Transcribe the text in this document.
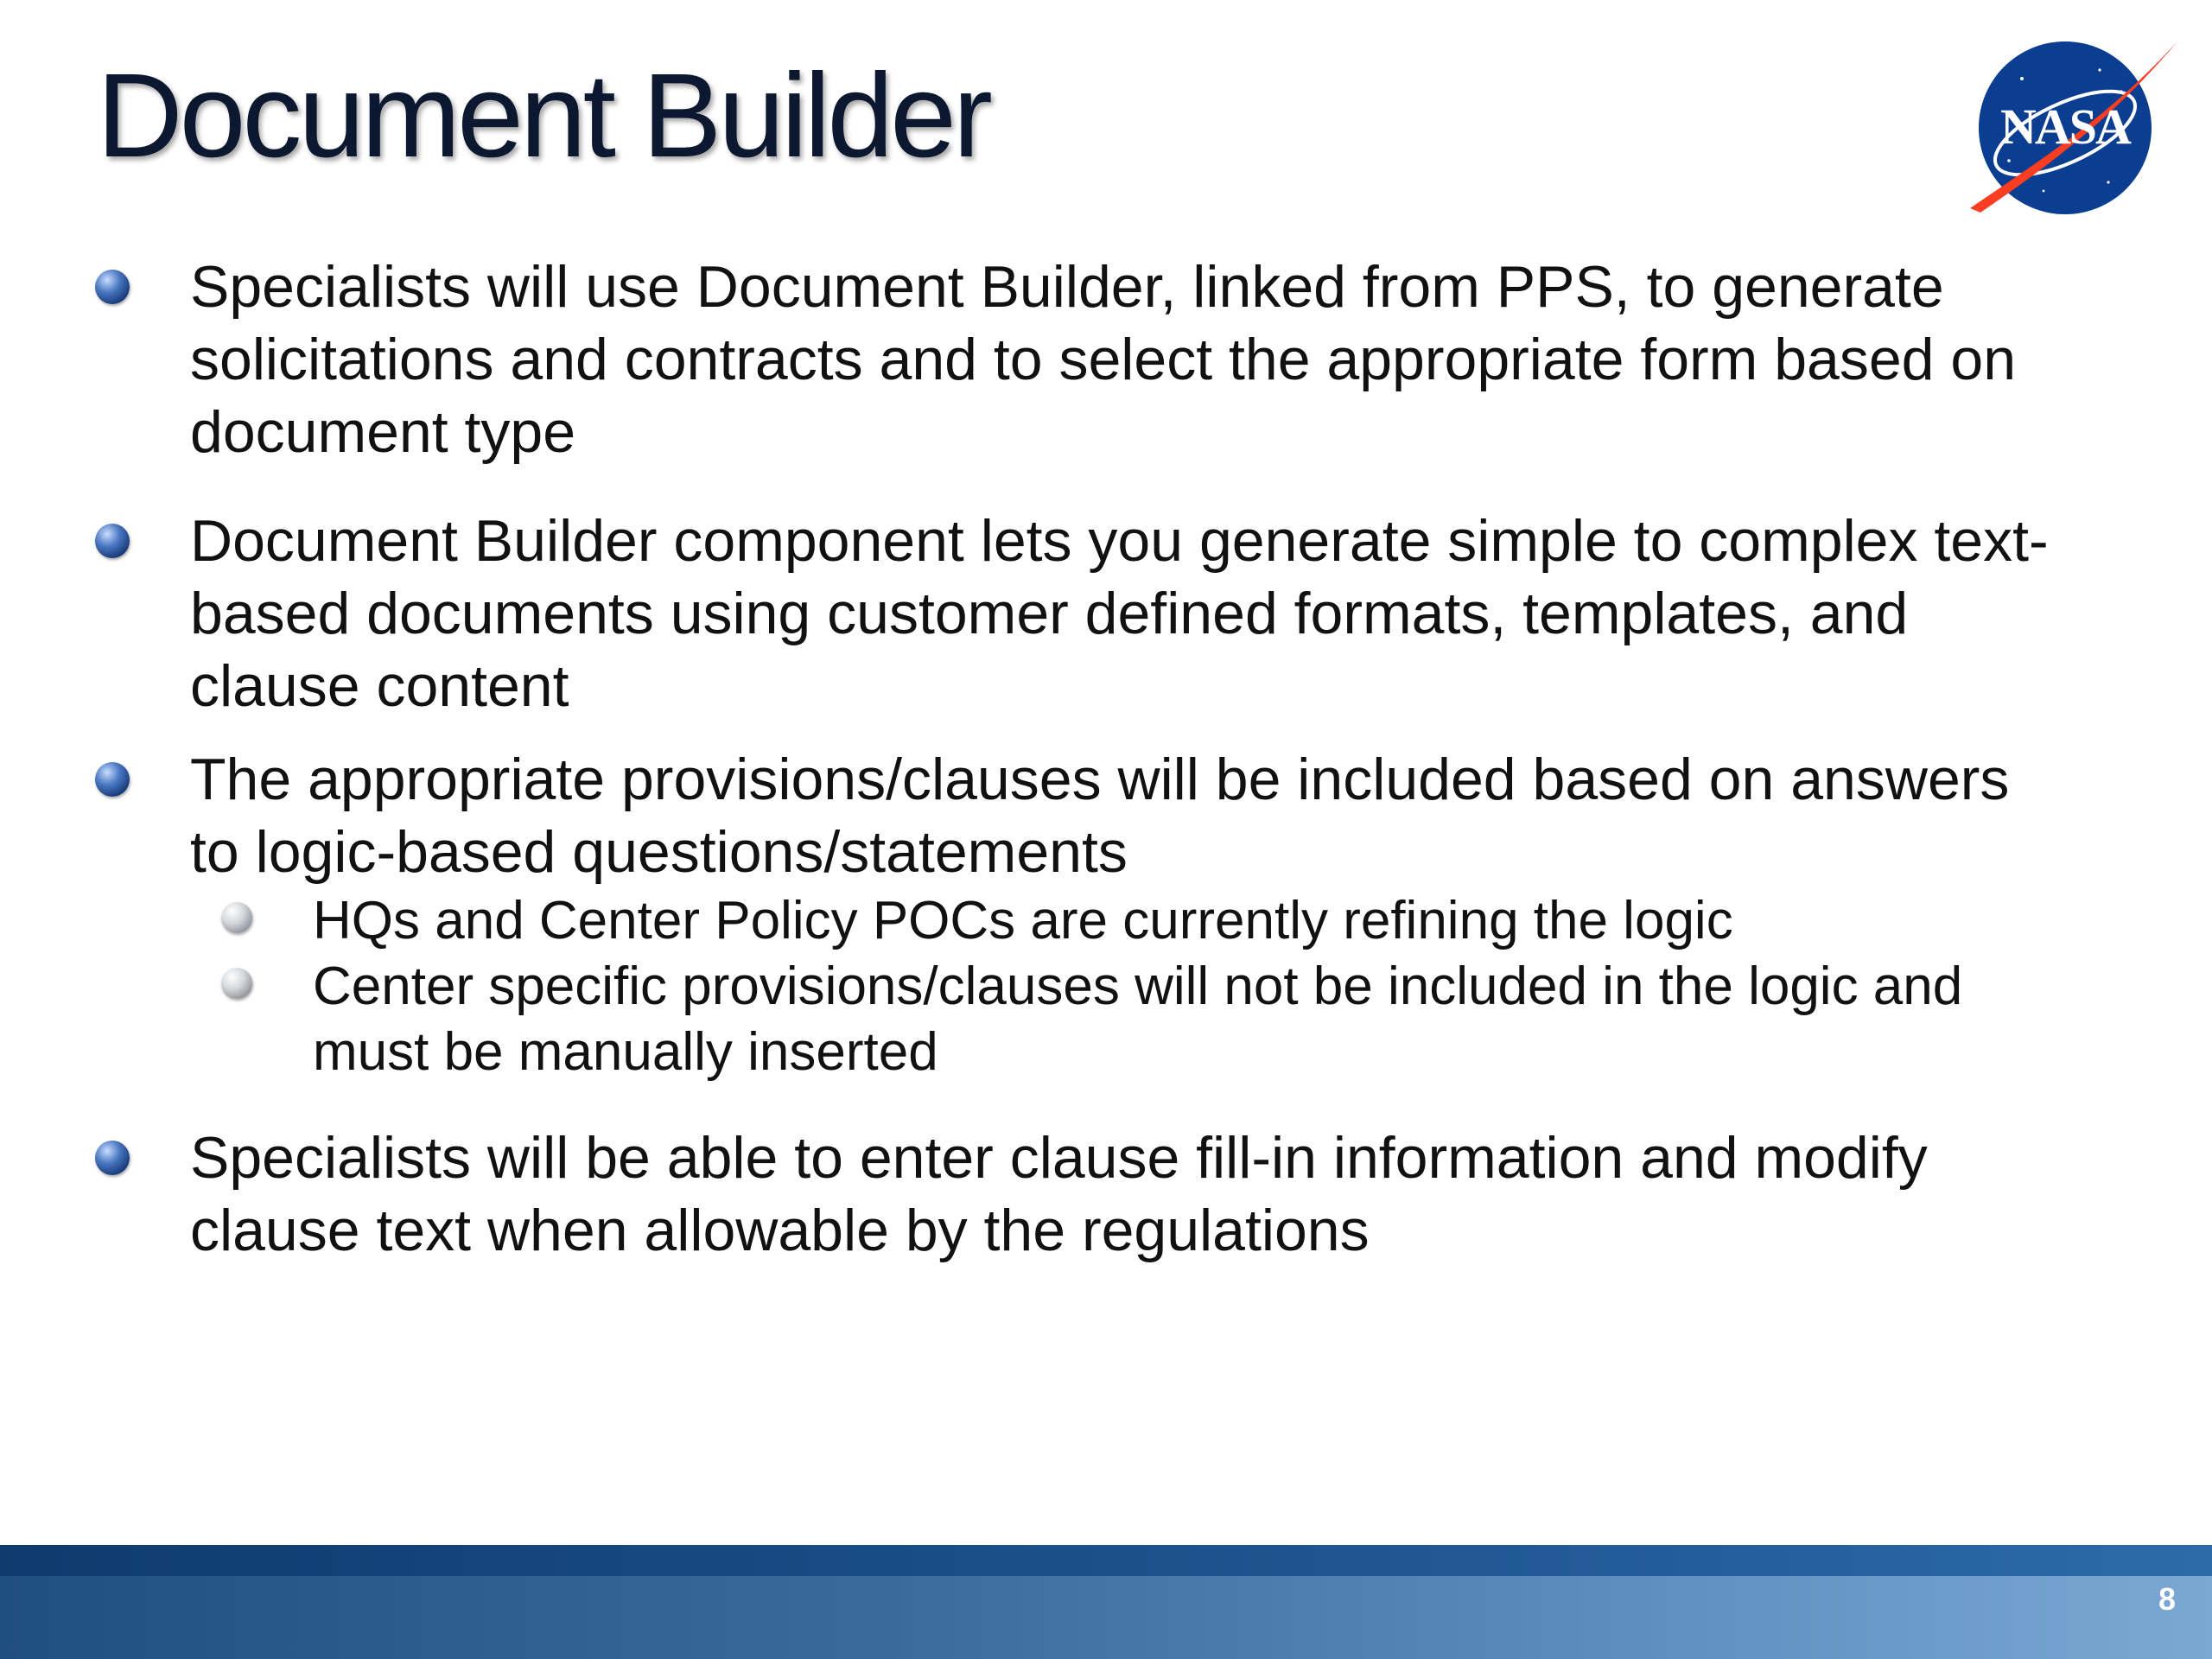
Document Builder	NASA
Specialists will use Document Builder, linked from PPS, to generate solicitations and contracts and to select the appropriate form based on document type
Document Builder component lets you generate simple to complex text-based documents using customer defined formats, templates, and clause content
The appropriate provisions/clauses will be included based on answers to logic-based questions/statements
HQs and Center Policy POCs are currently refining the logic
Center specific provisions/clauses will not be included in the logic and must be manually inserted
Specialists will be able to enter clause fill-in information and modify clause text when allowable by the regulations
8
